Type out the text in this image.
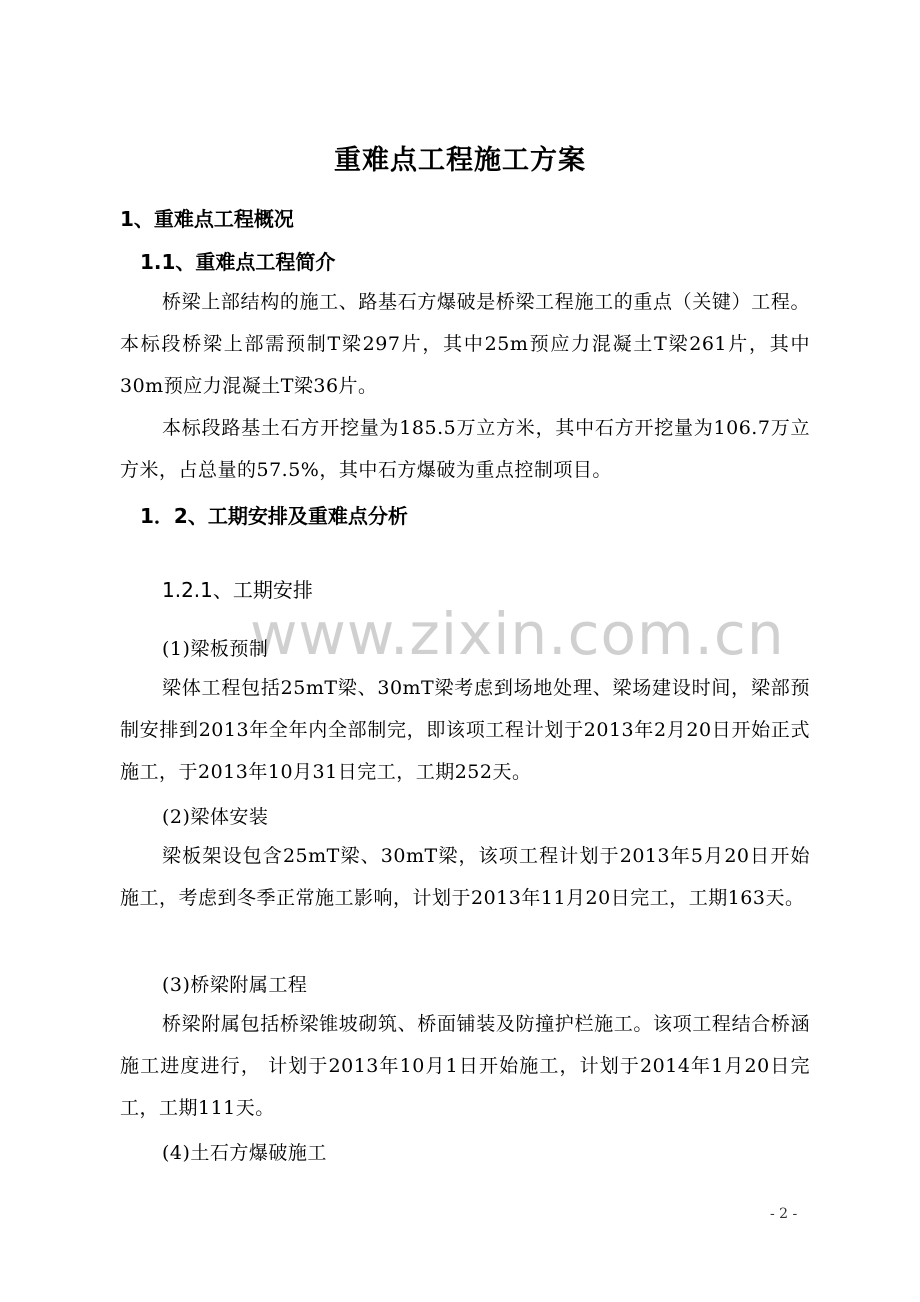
www.zixin.com.cn
重难点工程施工方案
1、重难点工程概况
1.1、重难点工程简介
桥梁上部结构的施工、路基石方爆破是桥梁工程施工的重点（关键）工程。本标段桥梁上部需预制T梁297片，其中25m预应力混凝土T梁261片，其中30m预应力混凝土T梁36片。
本标段路基土石方开挖量为185.5万立方米，其中石方开挖量为106.7万立方米，占总量的57.5%，其中石方爆破为重点控制项目。
1．2、工期安排及重难点分析
1.2.1、工期安排
(1)梁板预制
梁体工程包括25mT梁、30mT梁考虑到场地处理、梁场建设时间，梁部预制安排到2013年全年内全部制完，即该项工程计划于2013年2月20日开始正式施工，于2013年10月31日完工，工期252天。
(2)梁体安装
梁板架设包含25mT梁、30mT梁，该项工程计划于2013年5月20日开始施工，考虑到冬季正常施工影响，计划于2013年11月20日完工，工期163天。
(3)桥梁附属工程
桥梁附属包括桥梁锥坡砌筑、桥面铺装及防撞护栏施工。该项工程结合桥涵施工进度进行， 计划于2013年10月1日开始施工，计划于2014年1月20日完工，工期111天。
(4)土石方爆破施工
- 2 -
